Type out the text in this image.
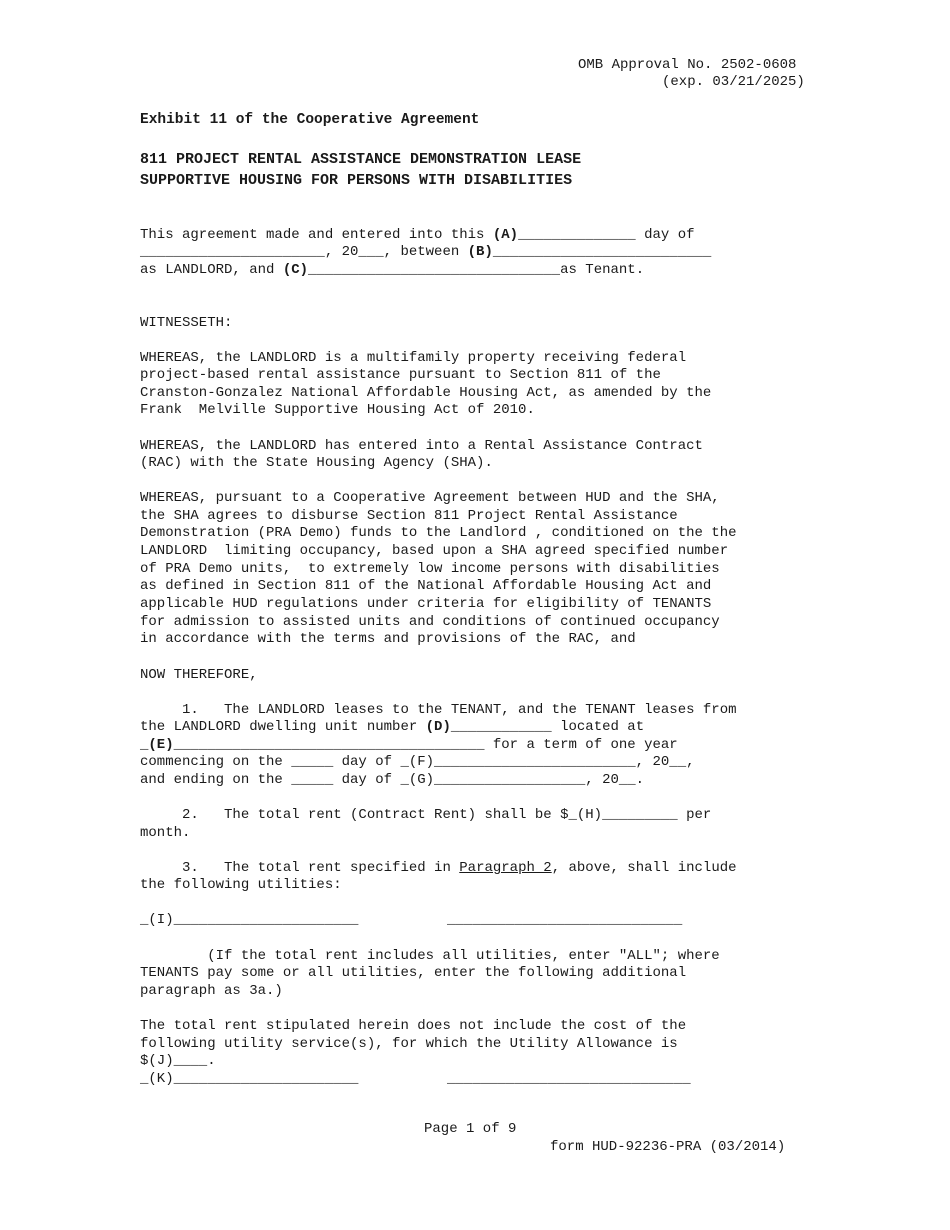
OMB Approval No. 2502-0608
(exp. 03/21/2025)
Exhibit 11 of the Cooperative Agreement
811 PROJECT RENTAL ASSISTANCE DEMONSTRATION LEASE
SUPPORTIVE HOUSING FOR PERSONS WITH DISABILITIES
This agreement made and entered into this (A)______________ day of
______________________, 20___, between (B)__________________________
as LANDLORD, and (C)______________________________as Tenant.
WITNESSETH:
WHEREAS, the LANDLORD is a multifamily property receiving federal
project-based rental assistance pursuant to Section 811 of the
Cranston-Gonzalez National Affordable Housing Act, as amended by the
Frank  Melville Supportive Housing Act of 2010.
WHEREAS, the LANDLORD has entered into a Rental Assistance Contract
(RAC) with the State Housing Agency (SHA).
WHEREAS, pursuant to a Cooperative Agreement between HUD and the SHA,
the SHA agrees to disburse Section 811 Project Rental Assistance
Demonstration (PRA Demo) funds to the Landlord , conditioned on the the
LANDLORD  limiting occupancy, based upon a SHA agreed specified number
of PRA Demo units,  to extremely low income persons with disabilities
as defined in Section 811 of the National Affordable Housing Act and
applicable HUD regulations under criteria for eligibility of TENANTS
for admission to assisted units and conditions of continued occupancy
in accordance with the terms and provisions of the RAC, and
NOW THEREFORE,
1.   The LANDLORD leases to the TENANT, and the TENANT leases from
the LANDLORD dwelling unit number (D)____________ located at
_(E)_____________________________________ for a term of one year
commencing on the _____ day of _(F)________________________, 20__,
and ending on the _____ day of _(G)__________________, 20__.
2.   The total rent (Contract Rent) shall be $_(H)_________ per
month.
3.   The total rent specified in Paragraph 2, above, shall include
the following utilities:
_(I)______________________	____________________________
(If the total rent includes all utilities, enter "ALL"; where
TENANTS pay some or all utilities, enter the following additional
paragraph as 3a.)
The total rent stipulated herein does not include the cost of the
following utility service(s), for which the Utility Allowance is
$(J)____.
_(K)______________________	_____________________________
Page 1 of 9
form HUD-92236-PRA (03/2014)
